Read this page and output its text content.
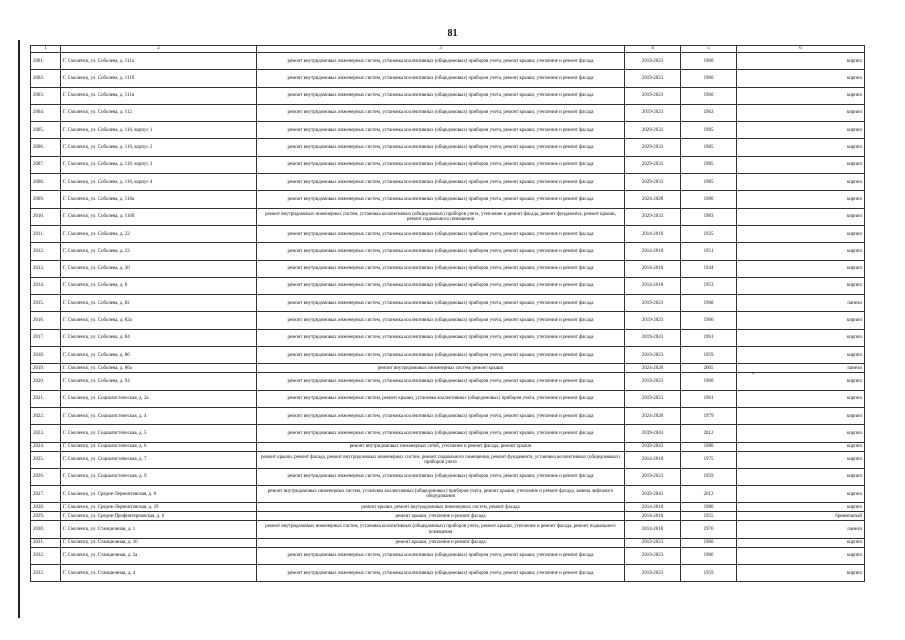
81
1	2	3	4	5	6
2001.	Г. Смоленск, ул. Соболева, д. 111а	ремонт внутридомовых инженерных систем, установка коллективных (общедомовых) приборов учета, ремонт крыши, утепление и ремонт фасада	2019-2023	1960	кирпич
2002.	Г. Смоленск, ул. Соболева, д. 111б	ремонт внутридомовых инженерных систем, установка коллективных (общедомовых) приборов учета, ремонт крыши, утепление и ремонт фасада	2019-2023	1960	кирпич
2003.	Г. Смоленск, ул. Соболева, д. 111в	ремонт внутридомовых инженерных систем, установка коллективных (общедомовых) приборов учета, ремонт крыши, утепление и ремонт фасада	2019-2023	1960	кирпич
2004.	Г. Смоленск, ул. Соболева, д. 112	ремонт внутридомовых инженерных систем, установка коллективных (общедомовых) приборов учета, ремонт крыши, утепление и ремонт фасада	2019-2023	1962	кирпич
2005.	Г. Смоленск, ул. Соболева, д. 116, корпус 1	ремонт внутридомовых инженерных систем, установка коллективных (общедомовых) приборов учета, ремонт крыши, утепление и ремонт фасада	2029-2033	1985	кирпич
2006.	Г. Смоленск, ул. Соболева, д. 116, корпус 2	ремонт внутридомовых инженерных систем, установка коллективных (общедомовых) приборов учета, ремонт крыши, утепление и ремонт фасада	2029-2033	1985	кирпич
2007.	Г. Смоленск, ул. Соболева, д. 116, корпус 3	ремонт внутридомовых инженерных систем, установка коллективных (общедомовых) приборов учета, ремонт крыши, утепление и ремонт фасада	2029-2033	1985	кирпич
2008.	Г. Смоленск, ул. Соболева, д. 116, корпус 4	ремонт внутридомовых инженерных систем, установка коллективных (общедомовых) приборов учета, ремонт крыши, утепление и ремонт фасада	2029-2033	1985	кирпич
2009.	Г. Смоленск, ул. Соболева, д. 116а	ремонт внутридомовых инженерных систем, установка коллективных (общедомовых) приборов учета, ремонт крыши, утепление и ремонт фасада	2024-2028	1980	кирпич
2010.	Г. Смоленск, ул. Соболева, д. 116б	ремонт внутридомовых инженерных систем, установка коллективных (общедомовых) приборов учета, утепление и ремонт фасада, ремонт фундамента, ремонт крыши, ремонт подвального помещения	2029-2033	1983	кирпич
2011.	Г. Смоленск, ул. Соболева, д. 22	ремонт внутридомовых инженерных систем, установка коллективных (общедомовых) приборов учета, ремонт крыши, утепление и ремонт фасада	2014-2018	1935	кирпич
2012.	Г. Смоленск, ул. Соболева, д. 23	ремонт внутридомовых инженерных систем, установка коллективных (общедомовых) приборов учета, ремонт крыши, утепление и ремонт фасада	2014-2018	1951	кирпич
2013.	Г. Смоленск, ул. Соболева, д. 30	ремонт внутридомовых инженерных систем, установка коллективных (общедомовых) приборов учета, ремонт крыши, утепление и ремонт фасада	2014-2018	1944	кирпич
2014.	Г. Смоленск, ул. Соболева, д. 8	ремонт внутридомовых инженерных систем, установка коллективных (общедомовых) приборов учета, ремонт крыши, утепление и ремонт фасада	2014-2018	1953	кирпич
2015.	Г. Смоленск, ул. Соболева, д. 82	ремонт внутридомовых инженерных систем, установка коллективных (общедомовых) приборов учета, ремонт крыши, утепление и ремонт фасада	2019-2023	1968	панели
2016.	Г. Смоленск, ул. Соболева, д. 82а	ремонт внутридомовых инженерных систем, установка коллективных (общедомовых) приборов учета, ремонт крыши, утепление и ремонт фасада	2019-2023	1966	кирпич
2017.	Г. Смоленск, ул. Соболева, д. 84	ремонт внутридомовых инженерных систем, установка коллективных (общедомовых) приборов учета, ремонт крыши, утепление и ремонт фасада	2019-2023	1961	кирпич
2018.	Г. Смоленск, ул. Соболева, д. 86	ремонт внутридомовых инженерных систем, установка коллективных (общедомовых) приборов учета, ремонт крыши, утепление и ремонт фасада	2019-2023	1959	кирпич
2019.	Г. Смоленск, ул. Соболева, д. 86а	ремонт внутридомовых инженерных систем, ремонт крыши	2024-2028	2005	панели
2020.	Г. Смоленск, ул. Соболева, д. 94	ремонт внутридомовых инженерных систем, установка коллективных (общедомовых) приборов учета, ремонт крыши, утепление и ремонт фасада	2019-2023	1960	кирпич
2021.	Г. Смоленск, ул. Социалистическая, д. 2а	ремонт внутридомовых инженерных систем, ремонт крыши, установка коллективных (общедомовых) приборов учета, утепление и ремонт фасада	2019-2023	1961	кирпич
2022.	Г. Смоленск, ул. Социалистическая, д. 4	ремонт внутридомовых инженерных систем, установка коллективных (общедомовых) приборов учета, ремонт крыши, утепление и ремонт фасада	2024-2028	1979	кирпич
2023.	Г. Смоленск, ул. Социалистическая, д. 5	ремонт внутридомовых инженерных систем, установка коллективных (общедомовых) приборов учета, ремонт крыши, утепление и ремонт фасада	2039-2043	2012	кирпич
2024.	Г. Смоленск, ул. Социалистическая, д. 6	ремонт внутридомовых инженерных сетей, утепление и ремонт фасада, ремонт крыши	2039-2043	1980	кирпич
2025.	Г. Смоленск, ул. Социалистическая, д. 7	ремонт крыши, ремонт фасада, ремонт внутридомовых инженерных систем, ремонт подвального помещения, ремонт фундамента, установка коллективных (общедомовых) приборов учета	2014-2018	1975	кирпич
2026.	Г. Смоленск, ул. Социалистическая, д. 9	ремонт внутридомовых инженерных систем, установка коллективных (общедомовых) приборов учета, ремонт крыши, утепление и ремонт фасада	2019-2023	1959	кирпич
2027.	Г. Смоленск, ул. Средне-Лермонтовская, д. 8	ремонт внутридомовых инженерных систем, установка коллективных (общедомовых) приборов учета, ремонт крыши, утепление и ремонт фасада, замена лифтового оборудования	2039-2043	2013	кирпич
2028.	Г. Смоленск, ул. Средне-Лермонтовская, д. 29	ремонт крыши, ремонт внутридомовых инженерных систем, ремонт фасада	2014-2018	1980	кирпич
2029.	Г. Смоленск, ул. Средне-Профинтерновская, д. 6	ремонт крыши, утепление и ремонт фасада	2014-2018	1955	бревенчатый
2030.	Г. Смоленск, ул. Станционная, д. 1	ремонт внутридомовых инженерных систем, установка коллективных (общедомовых) приборов учета, ремонт крыши, утепление и ремонт фасада, ремонт подвального помещения	2014-2018	1976	панели
2031.	Г. Смоленск, ул. Станционная, д. 16	ремонт крыши, утепление и ремонт фасада	2019-2023	1960	кирпич
2032.	Г. Смоленск, ул. Станционная, д. 2а	ремонт внутридомовых инженерных систем, установка коллективных (общедомовых) приборов учета, ремонт крыши, утепление и ремонт фасада	2019-2023	1966	кирпич
2033.	Г. Смоленск, ул. Станционная, д. 4	ремонт внутридомовых инженерных систем, установка коллективных (общедомовых) приборов учета, ремонт крыши, утепление и ремонт фасада	2019-2023	1959	кирпич
